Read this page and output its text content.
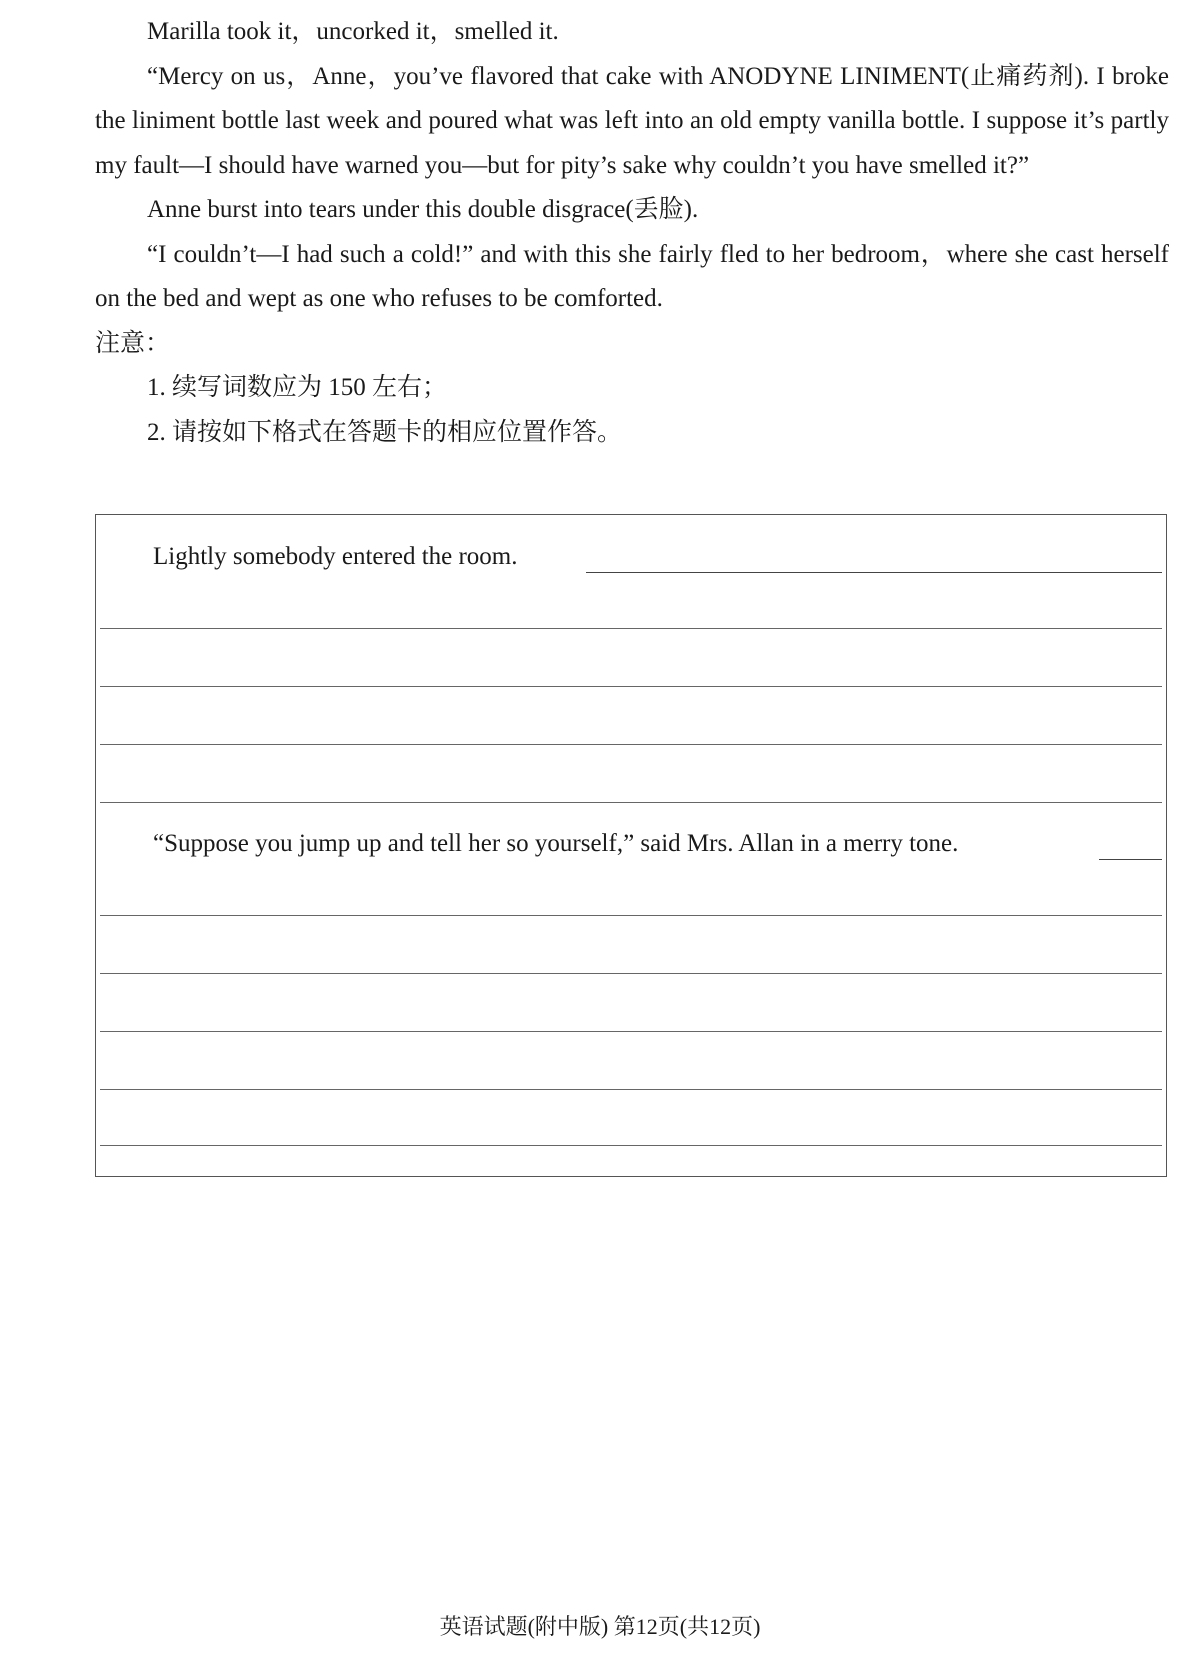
Marilla took it，uncorked it，smelled it.

“Mercy on us，Anne，you’ve flavored that cake with ANODYNE LINIMENT(止痛药剂). I broke the liniment bottle last week and poured what was left into an old empty vanilla bottle. I suppose it’s partly my fault—I should have warned you—but for pity’s sake why couldn’t you have smelled it?”

Anne burst into tears under this double disgrace(丢脸).

“I couldn’t—I had such a cold!” and with this she fairly fled to her bedroom，where she cast herself on the bed and wept as one who refuses to be comforted.

注意：

1. 续写词数应为 150 左右；

2. 请按如下格式在答题卡的相应位置作答。

Lightly somebody entered the room.
“Suppose you jump up and tell her so yourself,” said Mrs. Allan in a merry tone.
英语试题(附中版) 第12页(共12页)
